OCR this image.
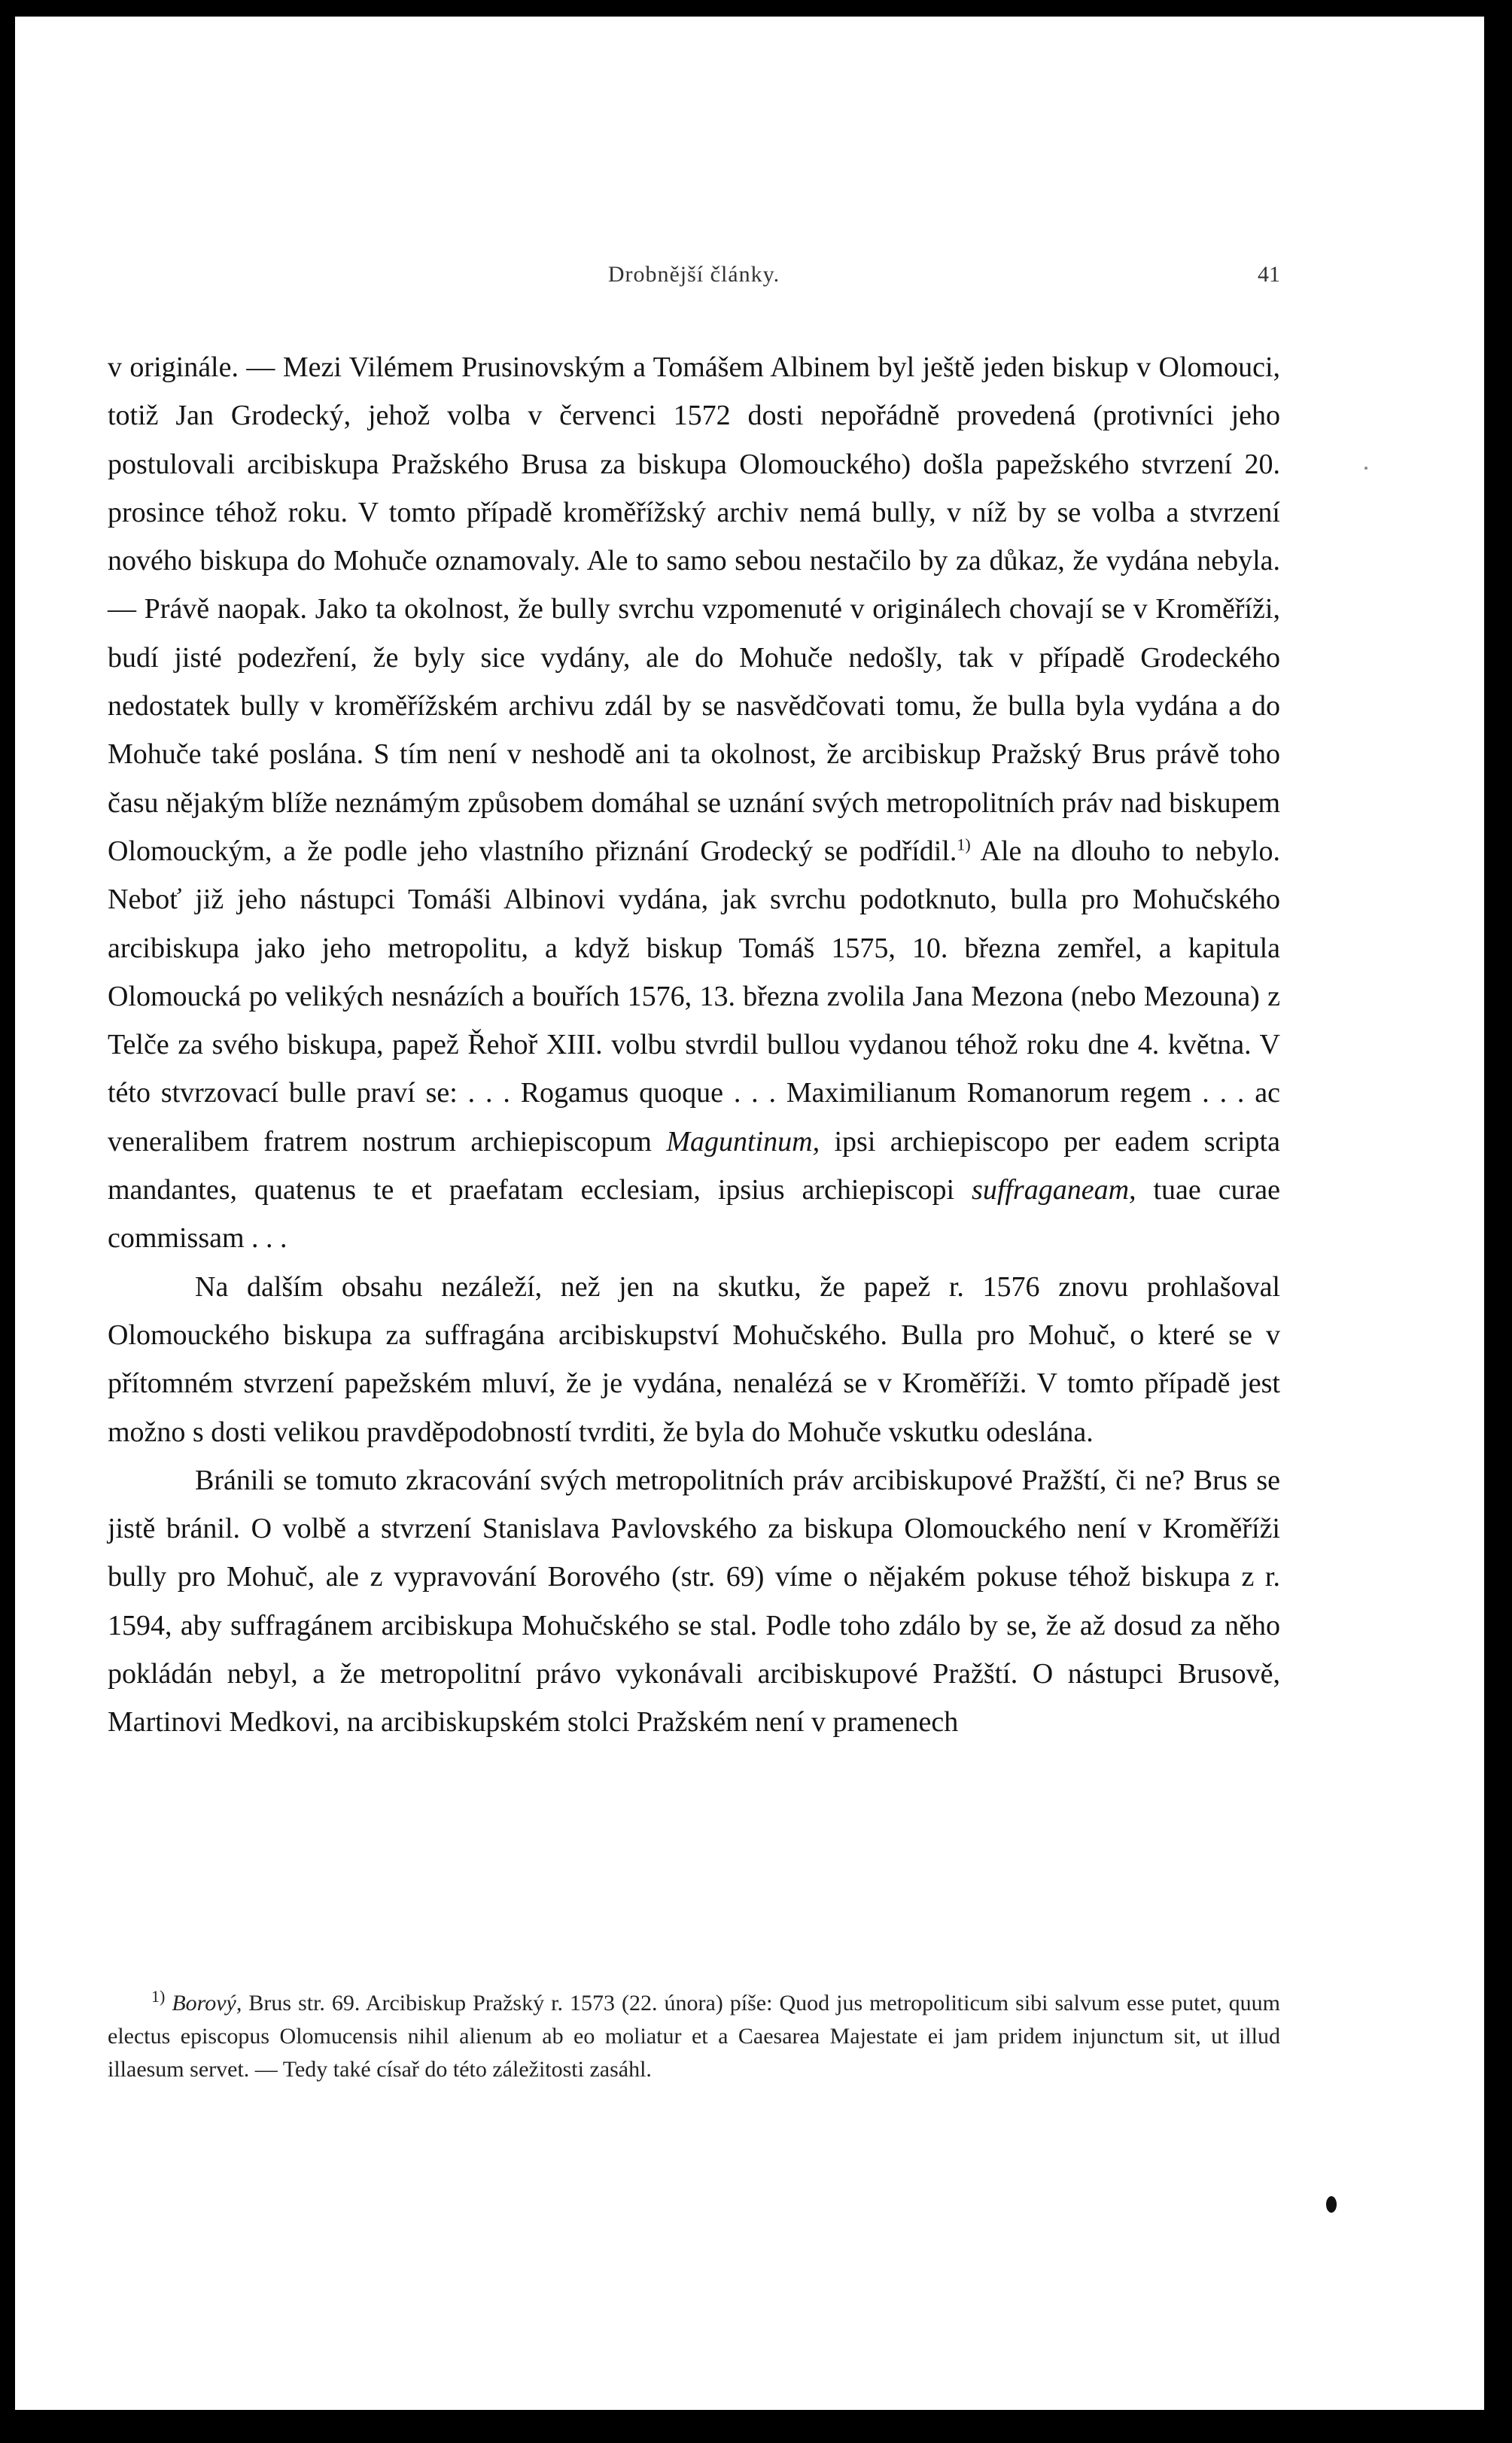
Drobnější články.	41

v originále. — Mezi Vilémem Prusinovským a Tomášem Albinem byl ještě jeden biskup v Olomouci, totiž Jan Grodecký, jehož volba v červenci 1572 dosti nepořádně provedená (protivníci jeho postulovali arcibiskupa Pražského Brusa za biskupa Olomouckého) došla papežského stvrzení 20. prosince téhož roku. V tomto případě kroměřížský archiv nemá bully, v níž by se volba a stvrzení nového biskupa do Mohuče oznamovaly. Ale to samo sebou nestačilo by za důkaz, že vydána nebyla. — Právě naopak. Jako ta okolnost, že bully svrchu vzpomenuté v originálech chovají se v Kroměříži, budí jisté podezření, že byly sice vydány, ale do Mohuče nedošly, tak v případě Grodeckého nedostatek bully v kroměřížském archivu zdál by se nasvědčovati tomu, že bulla byla vydána a do Mohuče také poslána. S tím není v neshodě ani ta okolnost, že arcibiskup Pražský Brus právě toho času nějakým blíže neznámým způsobem domáhal se uznání svých metropolitních práv nad biskupem Olomouckým, a že podle jeho vlastního přiznání Grodecký se podřídil.$^{1)}$ Ale na dlouho to nebylo. Neboť již jeho nástupci Tomáši Albinovi vydána, jak svrchu podotknuto, bulla pro Mohučského arcibiskupa jako jeho metropolitu, a když biskup Tomáš 1575, 10. března zemřel, a kapitula Olomoucká po velikých nesnázích a bouřích 1576, 13. března zvolila Jana Mezona (nebo Mezouna) z Telče za svého biskupa, papež Řehoř XIII. volbu stvrdil bullou vydanou téhož roku dne 4. května. V této stvrzovací bulle praví se: . . . Rogamus quoque . . . Maximilianum Romanorum regem . . . ac veneralibem fratrem nostrum archiepiscopum Maguntinum, ipsi archiepiscopo per eadem scripta mandantes, quatenus te et praefatam ecclesiam, ipsius archiepiscopi suffraganeam, tuae curae commissam . . .

Na dalším obsahu nezáleží, než jen na skutku, že papež r. 1576 znovu prohlašoval Olomouckého biskupa za suffragána arcibiskupství Mohučského. Bulla pro Mohuč, o které se v přítomném stvrzení papežském mluví, že je vydána, nenalézá se v Kroměříži. V tomto případě jest možno s dosti velikou pravděpodobností tvrditi, že byla do Mohuče vskutku odeslána.

Bránili se tomuto zkracování svých metropolitních práv arcibiskupové Pražští, či ne? Brus se jistě bránil. O volbě a stvrzení Stanislava Pavlovského za biskupa Olomouckého není v Kroměříži bully pro Mohuč, ale z vypravování Borového (str. 69) víme o nějakém pokuse téhož biskupa z r. 1594, aby suffragánem arcibiskupa Mohučského se stal. Podle toho zdálo by se, že až dosud za něho pokládán nebyl, a že metropolitní právo vykonávali arcibiskupové Pražští. O nástupci Brusově, Martinovi Medkovi, na arcibiskupském stolci Pražském není v pramenech

$^{1)}$ Borový, Brus str. 69. Arcibiskup Pražský r. 1573 (22. února) píše: Quod jus metropoliticum sibi salvum esse putet, quum electus episcopus Olomucensis nihil alienum ab eo moliatur et a Caesarea Majestate ei jam pridem injunctum sit, ut illud illaesum servet. — Tedy také císař do této záležitosti zasáhl.
